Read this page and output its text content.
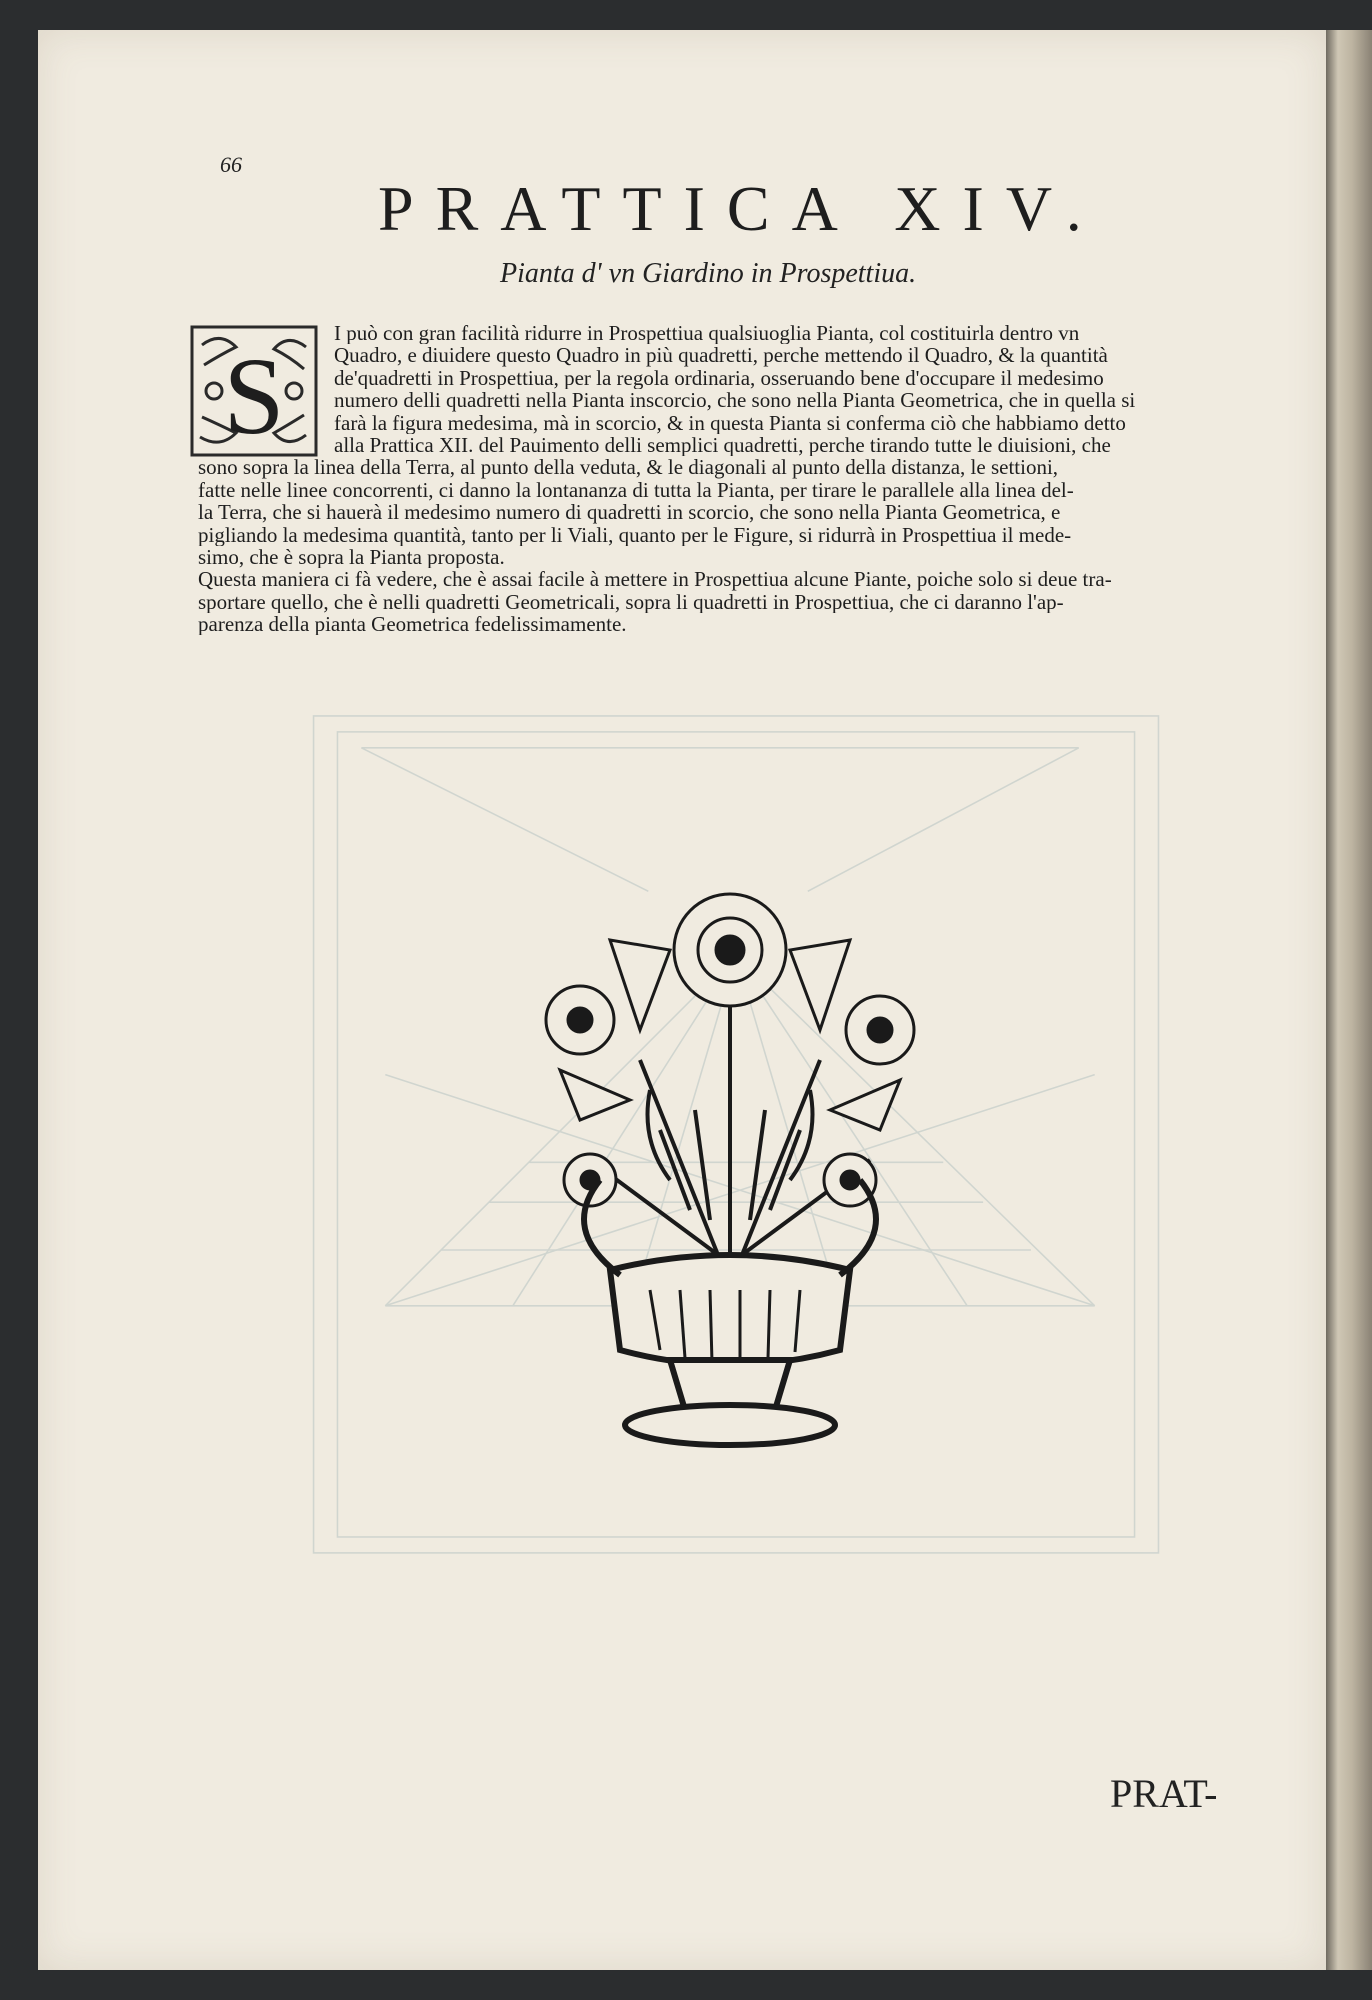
66
PRATTICA XIV.
Pianta d' vn Giardino in Prospettiua.
S
I può con gran facilità ridurre in Prospettiua qualsiuoglia Pianta, col costituirla dentro vn
Quadro, e diuidere questo Quadro in più quadretti, perche mettendo il Quadro, & la quantità
de'quadretti in Prospettiua, per la regola ordinaria, osseruando bene d'occupare il medesimo
numero delli quadretti nella Pianta inscorcio, che sono nella Pianta Geometrica, che in quella si
farà la figura medesima, mà in scorcio, & in questa Pianta si conferma ciò che habbiamo detto
alla Prattica XII. del Pauimento delli semplici quadretti, perche tirando tutte le diuisioni, che
sono sopra la linea della Terra, al punto della veduta, & le diagonali al punto della distanza, le settioni,
fatte nelle linee concorrenti, ci danno la lontananza di tutta la Pianta, per tirare le parallele alla linea del-
la Terra, che si hauerà il medesimo numero di quadretti in scorcio, che sono nella Pianta Geometrica, e
pigliando la medesima quantità, tanto per li Viali, quanto per le Figure, si ridurrà in Prospettiua il mede-
simo, che è sopra la Pianta proposta.
Questa maniera ci fà vedere, che è assai facile à mettere in Prospettiua alcune Piante, poiche solo si deue tra-
sportare quello, che è nelli quadretti Geometricali, sopra li quadretti in Prospettiua, che ci daranno l'ap-
parenza della pianta Geometrica fedelissimamente.
PRAT-
